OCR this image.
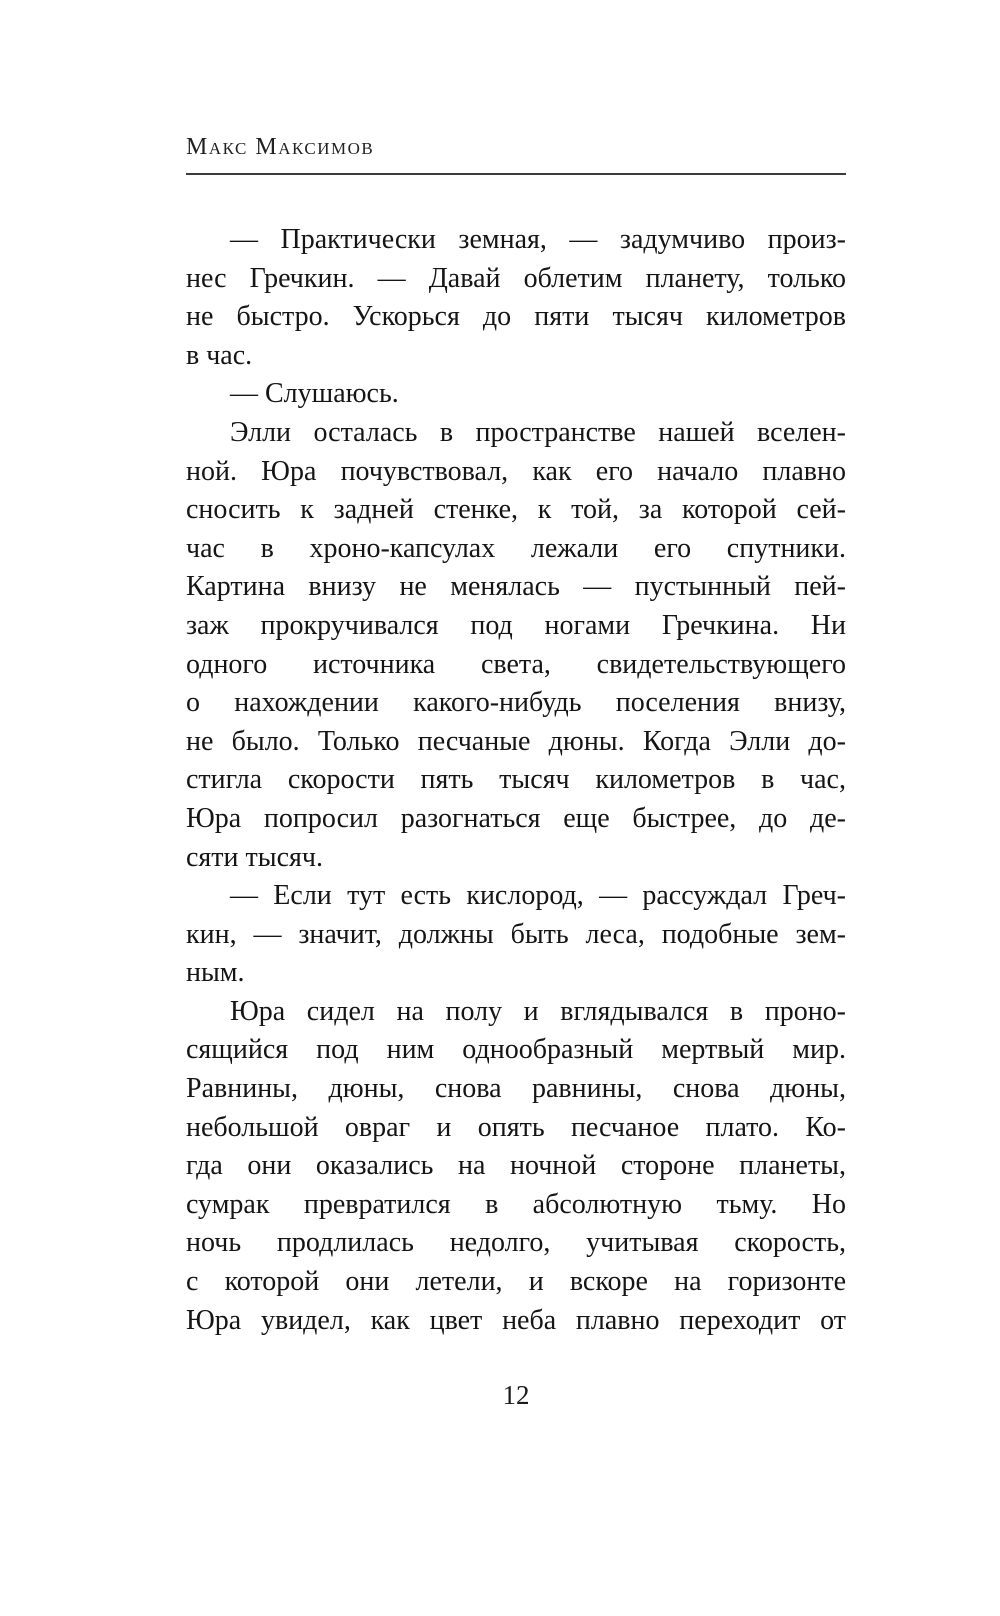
Макс Максимов
— Практически земная, — задумчиво произ-
нес Гречкин. — Давай облетим планету, только
не быстро. Ускорься до пяти тысяч километров
в час.
— Слушаюсь.
Элли осталась в пространстве нашей вселен-
ной. Юра почувствовал, как его начало плавно
сносить к задней стенке, к той, за которой сей-
час в хроно-капсулах лежали его спутники.
Картина внизу не менялась — пустынный пей-
заж прокручивался под ногами Гречкина. Ни
одного источника света, свидетельствующего
о нахождении какого-нибудь поселения внизу,
не было. Только песчаные дюны. Когда Элли до-
стигла скорости пять тысяч километров в час,
Юра попросил разогнаться еще быстрее, до де-
сяти тысяч.
— Если тут есть кислород, — рассуждал Греч-
кин, — значит, должны быть леса, подобные зем-
ным.
Юра сидел на полу и вглядывался в проно-
сящийся под ним однообразный мертвый мир.
Равнины, дюны, снова равнины, снова дюны,
небольшой овраг и опять песчаное плато. Ко-
гда они оказались на ночной стороне планеты,
сумрак превратился в абсолютную тьму. Но
ночь продлилась недолго, учитывая скорость,
с которой они летели, и вскоре на горизонте
Юра увидел, как цвет неба плавно переходит от
12
